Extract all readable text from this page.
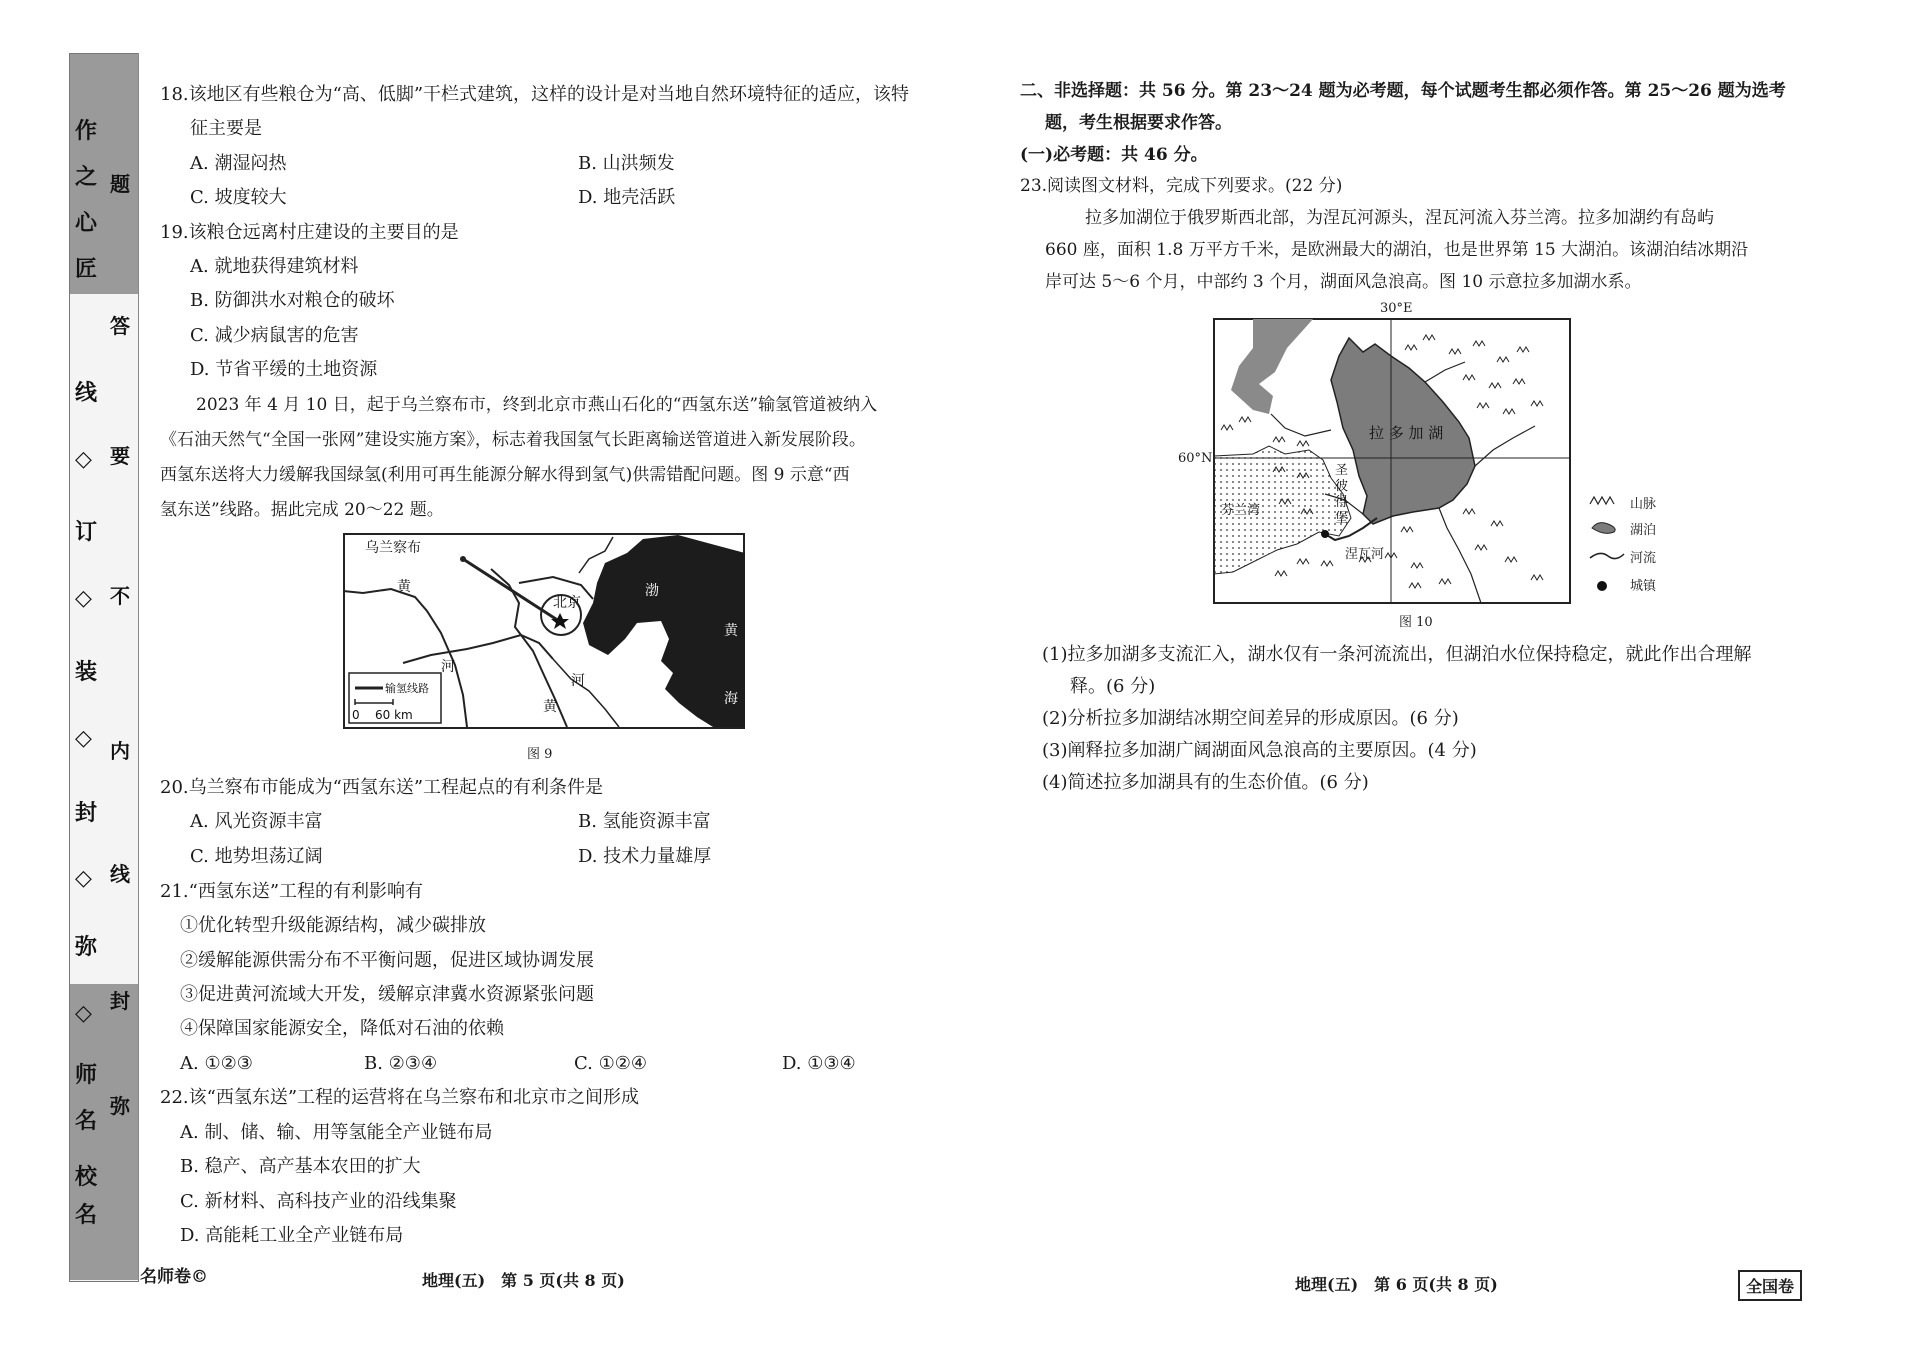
名
校
名
师
◇
弥
◇
封
◇
装
◇
订
◇
线
匠
心
之
作
弥
封
线
内
不
要
答
题
18.该地区有些粮仓为“高、低脚”干栏式建筑，这样的设计是对当地自然环境特征的适应，该特
征主要是
A. 潮湿闷热	B. 山洪频发
C. 坡度较大	D. 地壳活跃
19.该粮仓远离村庄建设的主要目的是
A. 就地获得建筑材料
B. 防御洪水对粮仓的破坏
C. 减少病鼠害的危害
D. 节省平缓的土地资源
2023 年 4 月 10 日，起于乌兰察布市，终到北京市燕山石化的“西氢东送”输氢管道被纳入
《石油天然气“全国一张网”建设实施方案》，标志着我国氢气长距离输送管道进入新发展阶段。
西氢东送将大力缓解我国绿氢(利用可再生能源分解水得到氢气)供需错配问题。图 9 示意“西
氢东送”线路。据此完成 20～22 题。
乌兰察布
北京
黄
河
河
黄
渤
海	黄
海
输氢线路
0 60 km
图 9
20.乌兰察布市能成为“西氢东送”工程起点的有利条件是
A. 风光资源丰富	B. 氢能资源丰富
C. 地势坦荡辽阔	D. 技术力量雄厚
21.“西氢东送”工程的有利影响有
①优化转型升级能源结构，减少碳排放
②缓解能源供需分布不平衡问题，促进区域协调发展
③促进黄河流域大开发，缓解京津冀水资源紧张问题
④保障国家能源安全，降低对石油的依赖
A. ①②③	B. ②③④	C. ①②④	D. ①③④
22.该“西氢东送”工程的运营将在乌兰察布和北京市之间形成
A. 制、储、输、用等氢能全产业链布局
B. 稳产、高产基本农田的扩大
C. 新材料、高科技产业的沿线集聚
D. 高能耗工业全产业链布局
名师卷©	地理(五)　第 5 页(共 8 页)
二、非选择题：共 56 分。第 23～24 题为必考题，每个试题考生都必须作答。第 25～26 题为选考
题，考生根据要求作答。
(一)必考题：共 46 分。
23.阅读图文材料，完成下列要求。(22 分)
拉多加湖位于俄罗斯西北部，为涅瓦河源头，涅瓦河流入芬兰湾。拉多加湖约有岛屿
660 座，面积 1.8 万平方千米，是欧洲最大的湖泊，也是世界第 15 大湖泊。该湖泊结冰期沿
岸可达 5～6 个月，中部约 3 个月，湖面风急浪高。图 10 示意拉多加湖水系。
30°E
60°N
拉 多 加 湖
芬兰湾
圣
彼
得
堡
涅瓦河
山脉
湖泊
河流
城镇
图 10
(1)拉多加湖多支流汇入，湖水仅有一条河流流出，但湖泊水位保持稳定，就此作出合理解
释。(6 分)
(2)分析拉多加湖结冰期空间差异的形成原因。(6 分)
(3)阐释拉多加湖广阔湖面风急浪高的主要原因。(4 分)
(4)简述拉多加湖具有的生态价值。(6 分)
地理(五)　第 6 页(共 8 页)	全国卷
